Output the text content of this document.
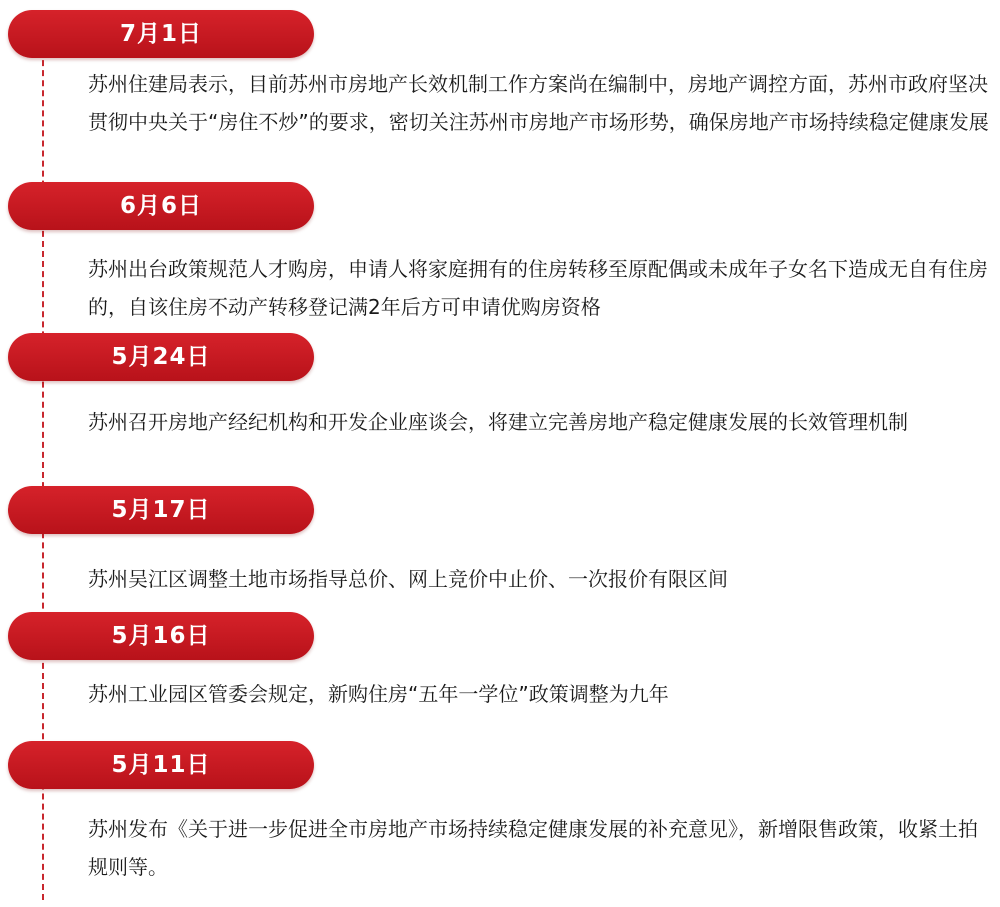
7月1日
苏州住建局表示，目前苏州市房地产长效机制工作方案尚在编制中，房地产调控方面，苏州市政府坚决贯彻中央关于“房住不炒”的要求，密切关注苏州市房地产市场形势，确保房地产市场持续稳定健康发展
6月6日
苏州出台政策规范人才购房，申请人将家庭拥有的住房转移至原配偶或未成年子女名下造成无自有住房的，自该住房不动产转移登记满2年后方可申请优购房资格
5月24日
苏州召开房地产经纪机构和开发企业座谈会，将建立完善房地产稳定健康发展的长效管理机制
5月17日
苏州吴江区调整土地市场指导总价、网上竞价中止价、一次报价有限区间
5月16日
苏州工业园区管委会规定，新购住房“五年一学位”政策调整为九年
5月11日
苏州发布《关于进一步促进全市房地产市场持续稳定健康发展的补充意见》，新增限售政策，收紧土拍规则等。
